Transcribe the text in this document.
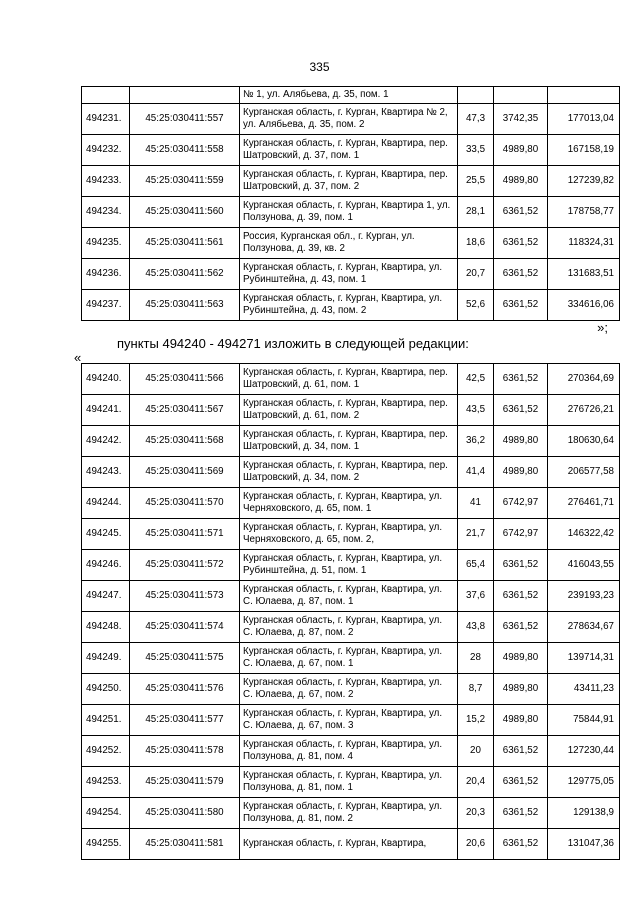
335
		№ 1, ул. Алябьева, д. 35, пом. 1			
494231.	45:25:030411:557	Курганская область, г. Курган, Квартира № 2, ул. Алябьева, д. 35, пом. 2	47,3	3742,35	177013,04
494232.	45:25:030411:558	Курганская область, г. Курган, Квартира, пер. Шатровский, д. 37, пом. 1	33,5	4989,80	167158,19
494233.	45:25:030411:559	Курганская область, г. Курган, Квартира, пер. Шатровский, д. 37, пом. 2	25,5	4989,80	127239,82
494234.	45:25:030411:560	Курганская область, г. Курган, Квартира 1, ул. Ползунова, д. 39, пом. 1	28,1	6361,52	178758,77
494235.	45:25:030411:561	Россия, Курганская обл., г. Курган, ул. Ползунова, д. 39, кв. 2	18,6	6361,52	118324,31
494236.	45:25:030411:562	Курганская область, г. Курган, Квартира, ул. Рубинштейна, д. 43, пом. 1	20,7	6361,52	131683,51
494237.	45:25:030411:563	Курганская область, г. Курган, Квартира, ул. Рубинштейна, д. 43, пом. 2	52,6	6361,52	334616,06
»;
пункты 494240 - 494271 изложить в следующей редакции:
«
494240.	45:25:030411:566	Курганская область, г. Курган, Квартира, пер. Шатровский, д. 61, пом. 1	42,5	6361,52	270364,69
494241.	45:25:030411:567	Курганская область, г. Курган, Квартира, пер. Шатровский, д. 61, пом. 2	43,5	6361,52	276726,21
494242.	45:25:030411:568	Курганская область, г. Курган, Квартира, пер. Шатровский, д. 34, пом. 1	36,2	4989,80	180630,64
494243.	45:25:030411:569	Курганская область, г. Курган, Квартира, пер. Шатровский, д. 34, пом. 2	41,4	4989,80	206577,58
494244.	45:25:030411:570	Курганская область, г. Курган, Квартира, ул. Черняховского, д. 65, пом. 1	41	6742,97	276461,71
494245.	45:25:030411:571	Курганская область, г. Курган, Квартира, ул. Черняховского, д. 65, пом. 2,	21,7	6742,97	146322,42
494246.	45:25:030411:572	Курганская область, г. Курган, Квартира, ул. Рубинштейна, д. 51, пом. 1	65,4	6361,52	416043,55
494247.	45:25:030411:573	Курганская область, г. Курган, Квартира, ул. С. Юлаева, д. 87, пом. 1	37,6	6361,52	239193,23
494248.	45:25:030411:574	Курганская область, г. Курган, Квартира, ул. С. Юлаева, д. 87, пом. 2	43,8	6361,52	278634,67
494249.	45:25:030411:575	Курганская область, г. Курган, Квартира, ул. С. Юлаева, д. 67, пом. 1	28	4989,80	139714,31
494250.	45:25:030411:576	Курганская область, г. Курган, Квартира, ул. С. Юлаева, д. 67, пом. 2	8,7	4989,80	43411,23
494251.	45:25:030411:577	Курганская область, г. Курган, Квартира, ул. С. Юлаева, д. 67, пом. 3	15,2	4989,80	75844,91
494252.	45:25:030411:578	Курганская область, г. Курган, Квартира, ул. Ползунова, д. 81, пом. 4	20	6361,52	127230,44
494253.	45:25:030411:579	Курганская область, г. Курган, Квартира, ул. Ползунова, д. 81, пом. 1	20,4	6361,52	129775,05
494254.	45:25:030411:580	Курганская область, г. Курган, Квартира, ул. Ползунова, д. 81, пом. 2	20,3	6361,52	129138,9
494255.	45:25:030411:581	Курганская область, г. Курган, Квартира,	20,6	6361,52	131047,36
